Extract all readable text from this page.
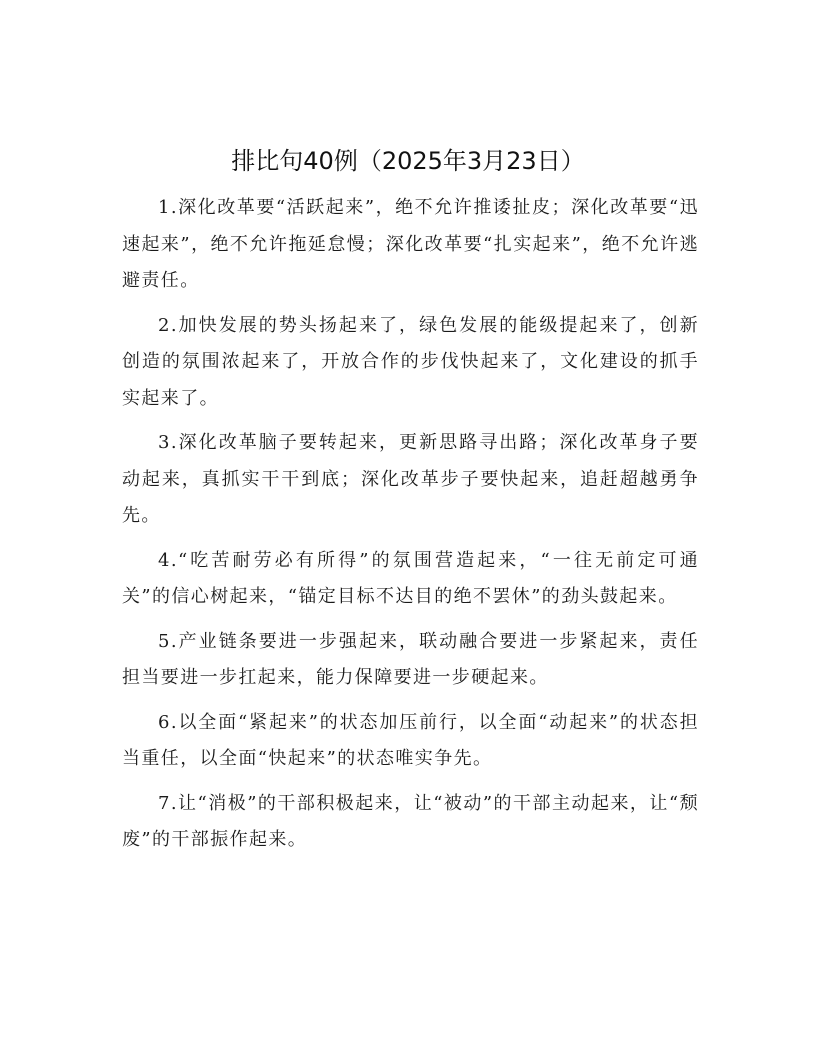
排比句40例（2025年3月23日）

1.深化改革要“活跃起来”，绝不允许推诿扯皮；深化改革要“迅速起来”，绝不允许拖延怠慢；深化改革要“扎实起来”，绝不允许逃避责任。

2.加快发展的势头扬起来了，绿色发展的能级提起来了，创新创造的氛围浓起来了，开放合作的步伐快起来了，文化建设的抓手实起来了。

3.深化改革脑子要转起来，更新思路寻出路；深化改革身子要动起来，真抓实干干到底；深化改革步子要快起来，追赶超越勇争先。

4.“吃苦耐劳必有所得”的氛围营造起来，“一往无前定可通关”的信心树起来，“锚定目标不达目的绝不罢休”的劲头鼓起来。

5.产业链条要进一步强起来，联动融合要进一步紧起来，责任担当要进一步扛起来，能力保障要进一步硬起来。

6.以全面“紧起来”的状态加压前行，以全面“动起来”的状态担当重任，以全面“快起来”的状态唯实争先。

7.让“消极”的干部积极起来，让“被动”的干部主动起来，让“颓废”的干部振作起来。
